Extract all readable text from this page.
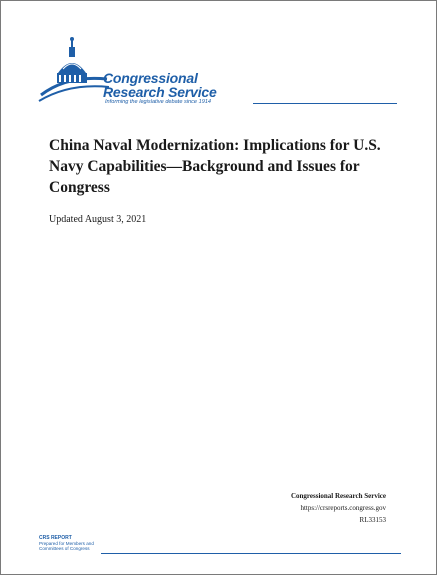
Congressional
Research Service
Informing the legislative debate since 1914
China Naval Modernization: Implications for U.S. Navy Capabilities—Background and Issues for Congress
Updated August 3, 2021
Congressional Research Service
https://crsreports.congress.gov
RL33153
CRS REPORT
Prepared for Members and
Committees of Congress
